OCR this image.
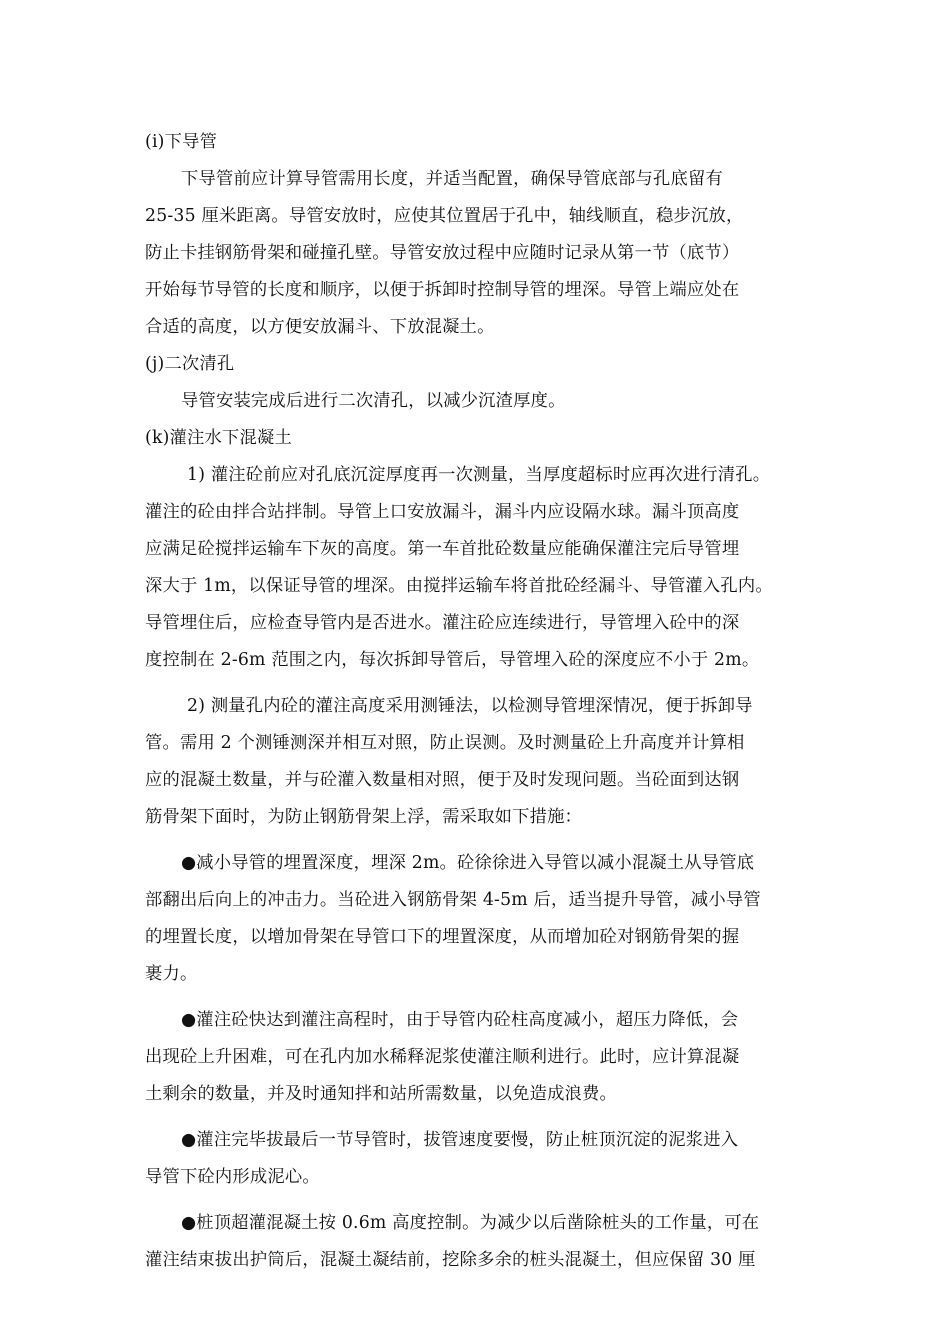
(i)下导管
下导管前应计算导管需用长度，并适当配置，确保导管底部与孔底留有
25-35 厘米距离。导管安放时，应使其位置居于孔中，轴线顺直，稳步沉放，
防止卡挂钢筋骨架和碰撞孔壁。导管安放过程中应随时记录从第一节（底节）
开始每节导管的长度和顺序，以便于拆卸时控制导管的埋深。导管上端应处在
合适的高度，以方便安放漏斗、下放混凝土。
(j)二次清孔
导管安装完成后进行二次清孔，以减少沉渣厚度。
(k)灌注水下混凝土
1) 灌注砼前应对孔底沉淀厚度再一次测量，当厚度超标时应再次进行清孔。
灌注的砼由拌合站拌制。导管上口安放漏斗，漏斗内应设隔水球。漏斗顶高度
应满足砼搅拌运输车下灰的高度。第一车首批砼数量应能确保灌注完后导管埋
深大于 1m，以保证导管的埋深。由搅拌运输车将首批砼经漏斗、导管灌入孔内。
导管埋住后，应检查导管内是否进水。灌注砼应连续进行，导管埋入砼中的深
度控制在 2-6m 范围之内，每次拆卸导管后，导管埋入砼的深度应不小于 2m。
2) 测量孔内砼的灌注高度采用测锤法，以检测导管埋深情况，便于拆卸导
管。需用 2 个测锤测深并相互对照，防止误测。及时测量砼上升高度并计算相
应的混凝土数量，并与砼灌入数量相对照，便于及时发现问题。当砼面到达钢
筋骨架下面时，为防止钢筋骨架上浮，需采取如下措施：
●减小导管的埋置深度，埋深 2m。砼徐徐进入导管以减小混凝土从导管底
部翻出后向上的冲击力。当砼进入钢筋骨架 4-5m 后，适当提升导管，减小导管
的埋置长度，以增加骨架在导管口下的埋置深度，从而增加砼对钢筋骨架的握
裹力。
●灌注砼快达到灌注高程时，由于导管内砼柱高度减小，超压力降低，会
出现砼上升困难，可在孔内加水稀释泥浆使灌注顺利进行。此时，应计算混凝
土剩余的数量，并及时通知拌和站所需数量，以免造成浪费。
●灌注完毕拔最后一节导管时，拔管速度要慢，防止桩顶沉淀的泥浆进入
导管下砼内形成泥心。
●桩顶超灌混凝土按 0.6m 高度控制。为减少以后凿除桩头的工作量，可在
灌注结束拔出护筒后，混凝土凝结前，挖除多余的桩头混凝土，但应保留 30 厘
